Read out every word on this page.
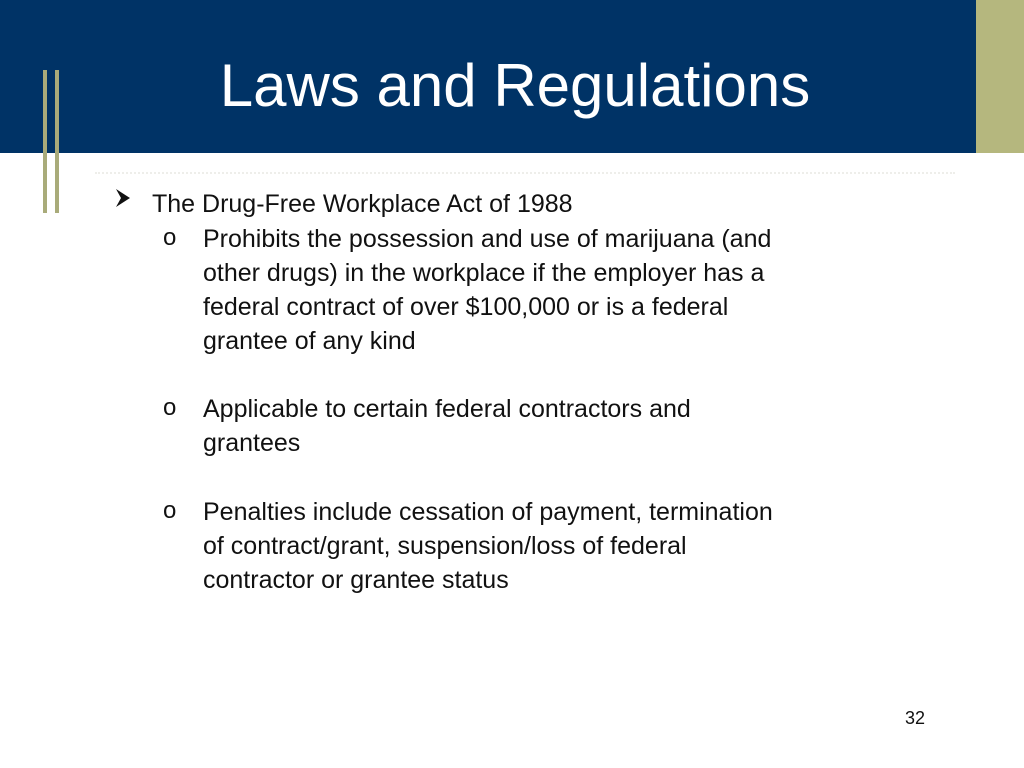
Laws and Regulations
The Drug-Free Workplace Act of 1988
o Prohibits the possession and use of marijuana (and
other drugs) in the workplace if the employer has a
federal contract of over $100,000 or is a federal
grantee of any kind
o Applicable to certain federal contractors and
grantees
o Penalties include cessation of payment, termination
of contract/grant, suspension/loss of federal
contractor or grantee status
32
